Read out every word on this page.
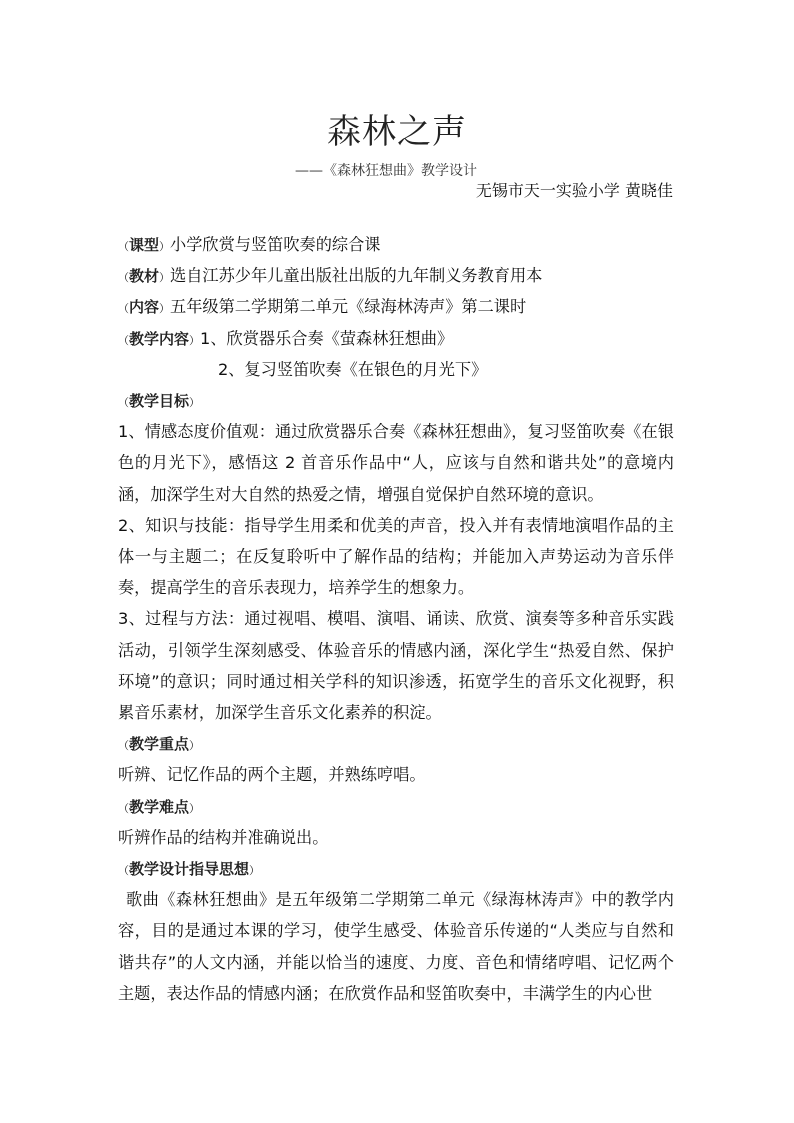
森林之声
——《森林狂想曲》教学设计
无锡市天一实验小学 黄晓佳
（课型）小学欣赏与竖笛吹奏的综合课
（教材）选自江苏少年儿童出版社出版的九年制义务教育用本
（内容）五年级第二学期第二单元《绿海林涛声》第二课时
（教学内容）1、欣赏器乐合奏《萤森林狂想曲》
2、复习竖笛吹奏《在银色的月光下》
（教学目标）
1、情感态度价值观：通过欣赏器乐合奏《森林狂想曲》，复习竖笛吹奏《在银色的月光下》，感悟这 2 首音乐作品中“人，应该与自然和谐共处”的意境内涵，加深学生对大自然的热爱之情，增强自觉保护自然环境的意识。
2、知识与技能：指导学生用柔和优美的声音，投入并有表情地演唱作品的主体一与主题二；在反复聆听中了解作品的结构；并能加入声势运动为音乐伴奏，提高学生的音乐表现力，培养学生的想象力。
3、过程与方法：通过视唱、模唱、演唱、诵读、欣赏、演奏等多种音乐实践活动，引领学生深刻感受、体验音乐的情感内涵，深化学生“热爱自然、保护环境”的意识；同时通过相关学科的知识渗透，拓宽学生的音乐文化视野，积累音乐素材，加深学生音乐文化素养的积淀。
（教学重点）
听辨、记忆作品的两个主题，并熟练哼唱。
（教学难点）
听辨作品的结构并准确说出。
（教学设计指导思想）
歌曲《森林狂想曲》是五年级第二学期第二单元《绿海林涛声》中的教学内容，目的是通过本课的学习，使学生感受、体验音乐传递的“人类应与自然和谐共存”的人文内涵，并能以恰当的速度、力度、音色和情绪哼唱、记忆两个主题，表达作品的情感内涵；在欣赏作品和竖笛吹奏中，丰满学生的内心世
